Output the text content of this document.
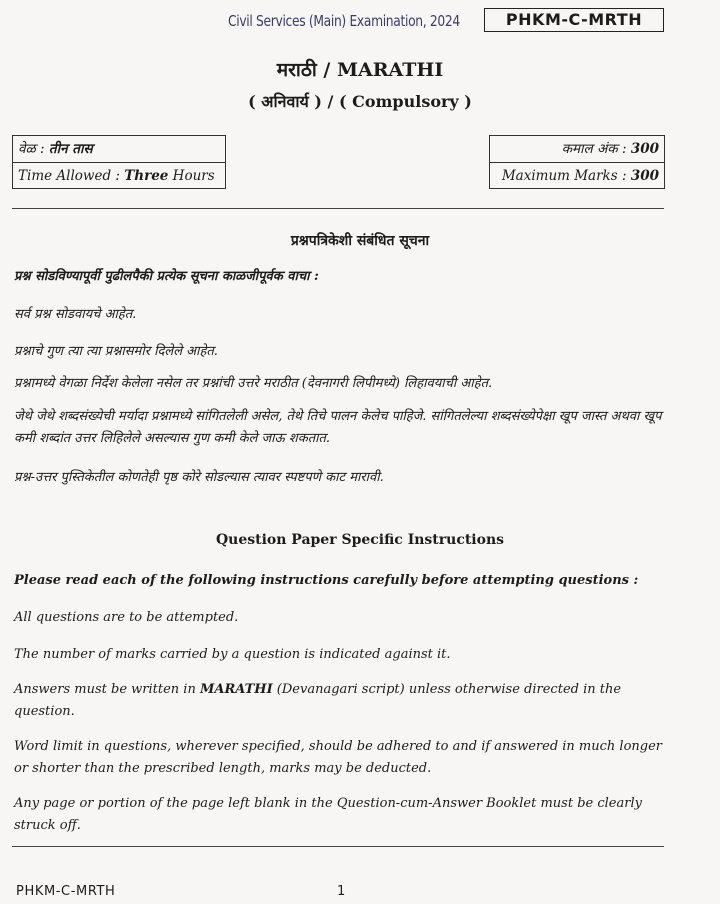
Civil Services (Main) Examination, 2024	PHKM-C-MRTH
मराठी / MARATHI
( अनिवार्य ) / ( Compulsory )
वेळ : तीन तास
Time Allowed : Three Hours
कमाल अंक : 300
Maximum Marks : 300
प्रश्नपत्रिकेशी संबंधित सूचना
प्रश्न सोडविण्यापूर्वी पुढीलपैकी प्रत्येक सूचना काळजीपूर्वक वाचा :
सर्व प्रश्न सोडवायचे आहेत.
प्रश्नाचे गुण त्या त्या प्रश्नासमोर दिलेले आहेत.
प्रश्नामध्ये वेगळा निर्देश केलेला नसेल तर प्रश्नांची उत्तरे मराठीत (देवनागरी लिपीमध्ये) लिहावयाची आहेत.
जेथे जेथे शब्दसंख्येची मर्यादा प्रश्नामध्ये सांगितलेली असेल, तेथे तिचे पालन केलेच पाहिजे. सांगितलेल्या शब्दसंख्येपेक्षा खूप जास्त अथवा खूप कमी शब्दांत उत्तर लिहिलेले असल्यास गुण कमी केले जाऊ शकतात.
प्रश्न-उत्तर पुस्तिकेतील कोणतेही पृष्ठ कोरे सोडल्यास त्यावर स्पष्टपणे काट मारावी.
Question Paper Specific Instructions
Please read each of the following instructions carefully before attempting questions :
All questions are to be attempted.
The number of marks carried by a question is indicated against it.
Answers must be written in MARATHI (Devanagari script) unless otherwise directed in the question.
Word limit in questions, wherever specified, should be adhered to and if answered in much longer or shorter than the prescribed length, marks may be deducted.
Any page or portion of the page left blank in the Question-cum-Answer Booklet must be clearly struck off.
PHKM-C-MRTH	1
